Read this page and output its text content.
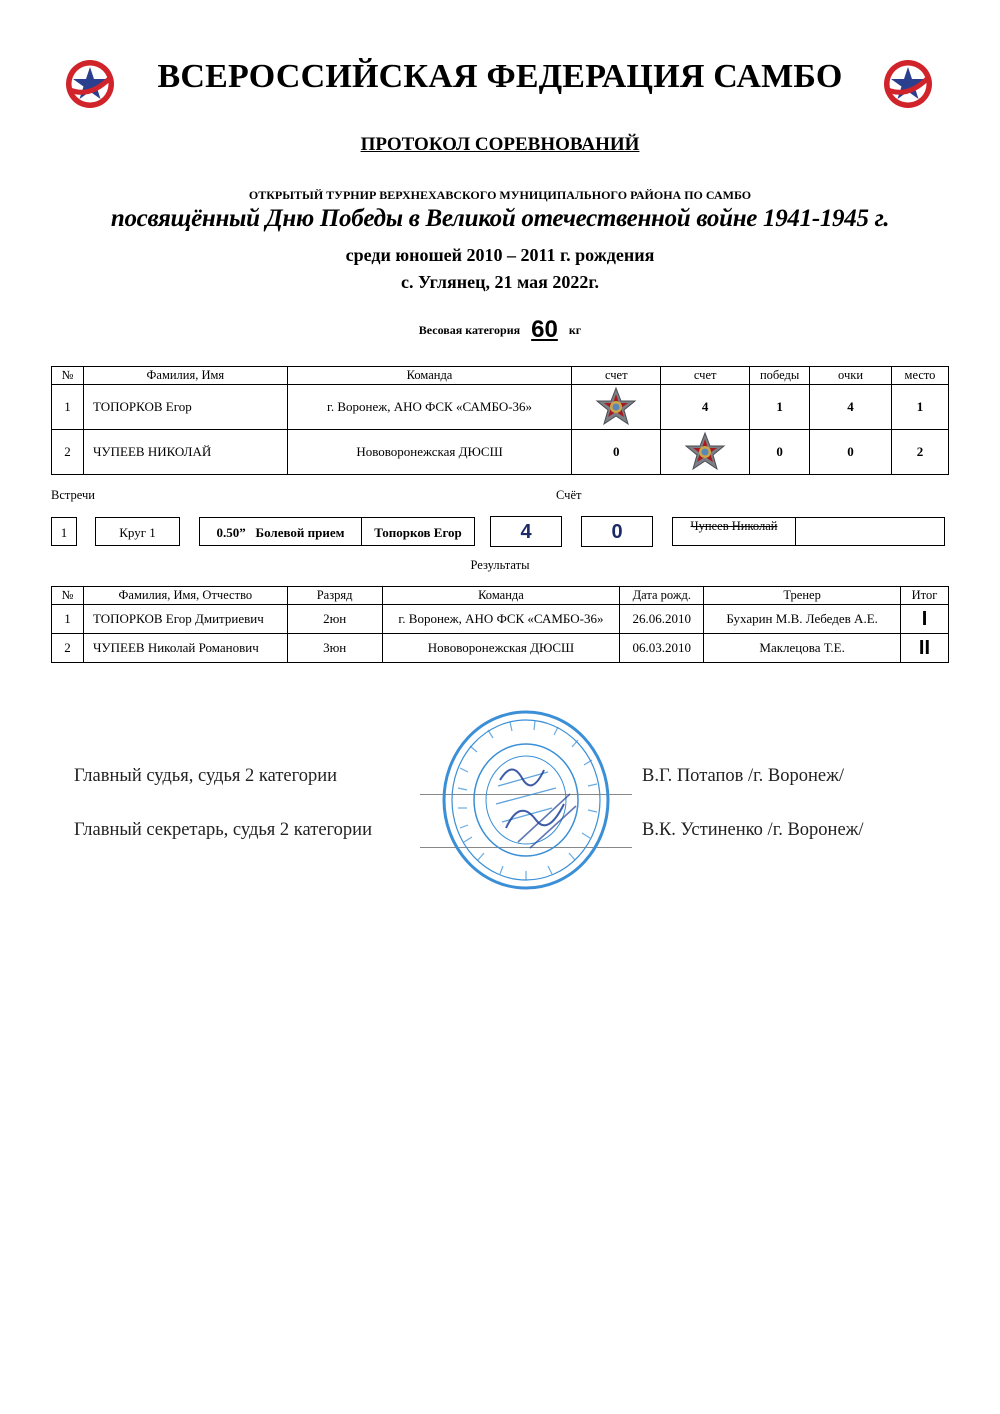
ВСЕРОССИЙСКАЯ ФЕДЕРАЦИЯ САМБО
ПРОТОКОЛ СОРЕВНОВАНИЙ
ОТКРЫТЫЙ ТУРНИР ВЕРХНЕХАВСКОГО МУНИЦИПАЛЬНОГО РАЙОНА ПО САМБО
посвящённый Дню Победы в Великой отечественной войне 1941-1945 г.
среди юношей 2010 – 2011 г. рождения
с. Углянец, 21 мая 2022г.
Весовая категория 60 кг
№	Фамилия, Имя	Команда	счет	счет	победы	очки	место
1	ТОПОРКОВ Егор	г. Воронеж, АНО ФСК «САМБО-36»		4	1	4	1
2	ЧУПЕЕВ НИКОЛАЙ	Нововоронежская ДЮСШ	0		0	0	2
Встречи	Счёт
1	Круг 1	0.50” Болевой прием	Топорков Егор	4	0	Чупеев Николай
Результаты
№	Фамилия, Имя, Отчество	Разряд	Команда	Дата рожд.	Тренер	Итог
1	ТОПОРКОВ Егор Дмитриевич	2юн	г. Воронеж, АНО ФСК «САМБО-36»	26.06.2010	Бухарин М.В. Лебедев А.Е.	I
2	ЧУПЕЕВ Николай Романович	3юн	Нововоронежская ДЮСШ	06.03.2010	Маклецова Т.Е.	II
Главный судья, судья 2 категории	В.Г. Потапов /г. Воронеж/
Главный секретарь, судья 2 категории	В.К. Устиненко /г. Воронеж/
